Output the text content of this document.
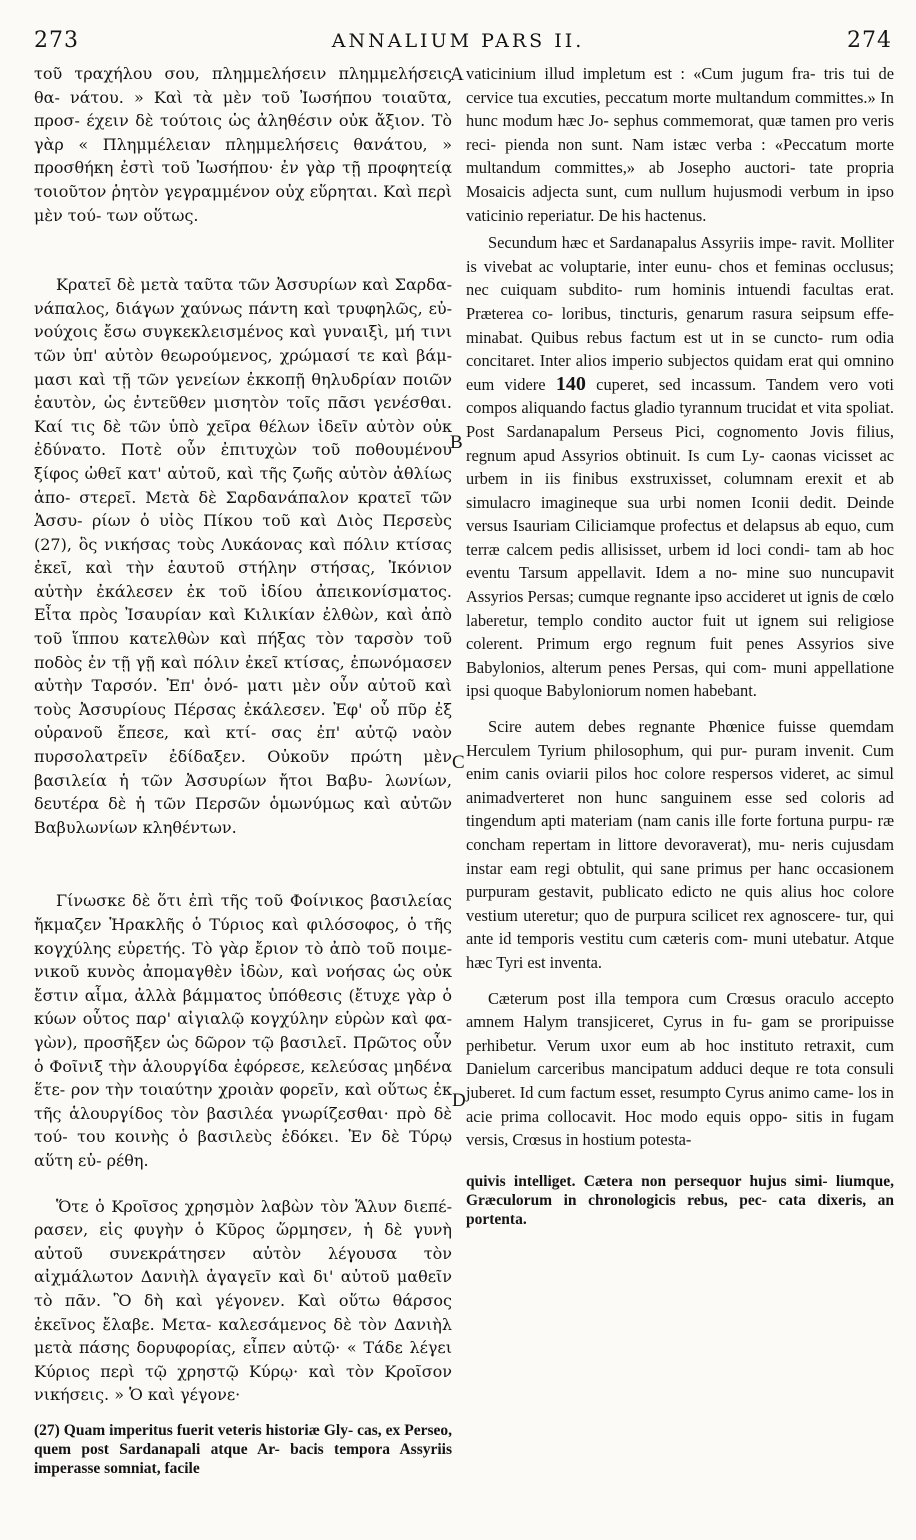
273	ANNALIUM PARS II.	274
A
B
C
D

τοῦ τραχήλου σου, πλημμελήσειν πλημμελήσεις θα- νάτου. » Καὶ τὰ μὲν τοῦ Ἰωσήπου τοιαῦτα, προσ- έχειν δὲ τούτοις ὡς ἀληθέσιν οὐκ ἄξιον. Τὸ γὰρ « Πλημμέλειαν πλημμελήσεις θανάτου, » προσθήκη ἐστὶ τοῦ Ἰωσήπου· ἐν γὰρ τῇ προφητείᾳ τοιοῦτον ῥητὸν γεγραμμένον οὐχ εὕρηται. Καὶ περὶ μὲν τού- των οὕτως.

Κρατεῖ δὲ μετὰ ταῦτα τῶν Ἀσσυρίων καὶ Σαρδα- νάπαλος, διάγων χαύνως πάντη καὶ τρυφηλῶς, εὐ- νούχοις ἔσω συγκεκλεισμένος καὶ γυναιξὶ, μή τινι τῶν ὑπ' αὐτὸν θεωρούμενος, χρώμασί τε καὶ βάμ- μασι καὶ τῇ τῶν γενείων ἐκκοπῇ θηλυδρίαν ποιῶν ἑαυτὸν, ὡς ἐντεῦθεν μισητὸν τοῖς πᾶσι γενέσθαι. Καί τις δὲ τῶν ὑπὸ χεῖρα θέλων ἰδεῖν αὐτὸν οὐκ ἐδύνατο. Ποτὲ οὖν ἐπιτυχὼν τοῦ ποθουμένου ξίφος ὠθεῖ κατ' αὐτοῦ, καὶ τῆς ζωῆς αὐτὸν ἀθλίως ἀπο- στερεῖ. Μετὰ δὲ Σαρδανάπαλον κρατεῖ τῶν Ἀσσυ- ρίων ὁ υἱὸς Πίκου τοῦ καὶ Διὸς Περσεὺς (27), ὃς νικήσας τοὺς Λυκάονας καὶ πόλιν κτίσας ἐκεῖ, καὶ τὴν ἑαυτοῦ στήλην στήσας, Ἰκόνιον αὐτὴν ἐκάλεσεν ἐκ τοῦ ἰδίου ἀπεικονίσματος. Εἶτα πρὸς Ἰσαυρίαν καὶ Κιλικίαν ἐλθὼν, καὶ ἀπὸ τοῦ ἵππου κατελθὼν καὶ πήξας τὸν ταρσὸν τοῦ ποδὸς ἐν τῇ γῇ καὶ πόλιν ἐκεῖ κτίσας, ἐπωνόμασεν αὐτὴν Ταρσόν. Ἐπ' ὀνό- ματι μὲν οὖν αὐτοῦ καὶ τοὺς Ἀσσυρίους Πέρσας ἐκάλεσεν. Ἐφ' οὗ πῦρ ἐξ οὐρανοῦ ἔπεσε, καὶ κτί- σας ἐπ' αὐτῷ ναὸν πυρσολατρεῖν ἐδίδαξεν. Οὐκοῦν πρώτη μὲν βασιλεία ἡ τῶν Ἀσσυρίων ἤτοι Βαβυ- λωνίων, δευτέρα δὲ ἡ τῶν Περσῶν ὁμωνύμως καὶ αὐτῶν Βαβυλωνίων κληθέντων.

Γίνωσκε δὲ ὅτι ἐπὶ τῆς τοῦ Φοίνικος βασιλείας ἤκμαζεν Ἡρακλῆς ὁ Τύριος καὶ φιλόσοφος, ὁ τῆς κογχύλης εὑρετής. Τὸ γὰρ ἔριον τὸ ἀπὸ τοῦ ποιμε- νικοῦ κυνὸς ἀπομαγθὲν ἰδὼν, καὶ νοήσας ὡς οὐκ ἔστιν αἷμα, ἀλλὰ βάμματος ὑπόθεσις (ἔτυχε γὰρ ὁ κύων οὗτος παρ' αἰγιαλῷ κογχύλην εὑρὼν καὶ φα- γὼν), προσῆξεν ὡς δῶρον τῷ βασιλεῖ. Πρῶτος οὖν ὁ Φοῖνιξ τὴν ἁλουργίδα ἐφόρεσε, κελεύσας μηδένα ἕτε- ρον τὴν τοιαύτην χροιὰν φορεῖν, καὶ οὕτως ἐκ τῆς ἁλουργίδος τὸν βασιλέα γνωρίζεσθαι· πρὸ δὲ τού- του κοινὴς ὁ βασιλεὺς ἐδόκει. Ἐν δὲ Τύρῳ αὕτη εὑ- ρέθη.

Ὅτε ὁ Κροῖσος χρησμὸν λαβὼν τὸν Ἅλυν διεπέ- ρασεν, εἰς φυγὴν ὁ Κῦρος ὥρμησεν, ἡ δὲ γυνὴ αὐτοῦ συνεκράτησεν αὐτὸν λέγουσα τὸν αἰχμάλωτον Δανιὴλ ἀγαγεῖν καὶ δι' αὐτοῦ μαθεῖν τὸ πᾶν. Ὃ δὴ καὶ γέγονεν. Καὶ οὕτω θάρσος ἐκεῖνος ἔλαβε. Μετα- καλεσάμενος δὲ τὸν Δανιὴλ μετὰ πάσης δορυφορίας, εἶπεν αὐτῷ· « Τάδε λέγει Κύριος περὶ τῷ χρηστῷ Κύρῳ· καὶ τὸν Κροῖσον νικήσεις. » Ὁ καὶ γέγονε·

(27) Quam imperitus fuerit veteris historiæ Gly- cas, ex Perseo, quem post Sardanapali atque Ar- bacis tempora Assyriis imperasse somniat, facile

vaticinium illud impletum est : «Cum jugum fra- tris tui de cervice tua excuties, peccatum morte multandum committes.» In hunc modum hæc Jo- sephus commemorat, quæ tamen pro veris reci- pienda non sunt. Nam istæc verba : «Peccatum morte multandum committes,» ab Josepho auctori- tate propria Mosaicis adjecta sunt, cum nullum hujusmodi verbum in ipso vaticinio reperiatur. De his hactenus.

Secundum hæc et Sardanapalus Assyriis impe- ravit. Molliter is vivebat ac voluptarie, inter eunu- chos et feminas occlusus; nec cuiquam subdito- rum hominis intuendi facultas erat. Præterea co- loribus, tincturis, genarum rasura seipsum effe- minabat. Quibus rebus factum est ut in se cuncto- rum odia concitaret. Inter alios imperio subjectos quidam erat qui omnino eum videre 140 cuperet, sed incassum. Tandem vero voti compos aliquando factus gladio tyrannum trucidat et vita spoliat. Post Sardanapalum Perseus Pici, cognomento Jovis filius, regnum apud Assyrios obtinuit. Is cum Ly- caonas vicisset ac urbem in iis finibus exstruxisset, columnam erexit et ab simulacro imagineque sua urbi nomen Iconii dedit. Deinde versus Isauriam Ciliciamque profectus et delapsus ab equo, cum terræ calcem pedis allisisset, urbem id loci condi- tam ab hoc eventu Tarsum appellavit. Idem a no- mine suo nuncupavit Assyrios Persas; cumque regnante ipso accideret ut ignis de cœlo laberetur, templo condito auctor fuit ut ignem sui religiose colerent. Primum ergo regnum fuit penes Assyrios sive Babylonios, alterum penes Persas, qui com- muni appellatione ipsi quoque Babyloniorum nomen habebant.

Scire autem debes regnante Phœnice fuisse quemdam Herculem Tyrium philosophum, qui pur- puram invenit. Cum enim canis oviarii pilos hoc colore respersos videret, ac simul animadverteret non hunc sanguinem esse sed coloris ad tingendum apti materiam (nam canis ille forte fortuna purpu- ræ concham repertam in littore devoraverat), mu- neris cujusdam instar eam regi obtulit, qui sane primus per hanc occasionem purpuram gestavit, publicato edicto ne quis alius hoc colore vestium uteretur; quo de purpura scilicet rex agnoscere- tur, qui ante id temporis vestitu cum cæteris com- muni utebatur. Atque hæc Tyri est inventa.

Cæterum post illa tempora cum Crœsus oraculo accepto amnem Halym transjiceret, Cyrus in fu- gam se proripuisse perhibetur. Verum uxor eum ab hoc instituto retraxit, cum Danielum carceribus mancipatum adduci deque re tota consuli juberet. Id cum factum esset, resumpto Cyrus animo came- los in acie prima collocavit. Hoc modo equis oppo- sitis in fugam versis, Crœsus in hostium potesta-

quivis intelliget. Cætera non persequor hujus simi- liumque, Græculorum in chronologicis rebus, pec- cata dixeris, an portenta.
